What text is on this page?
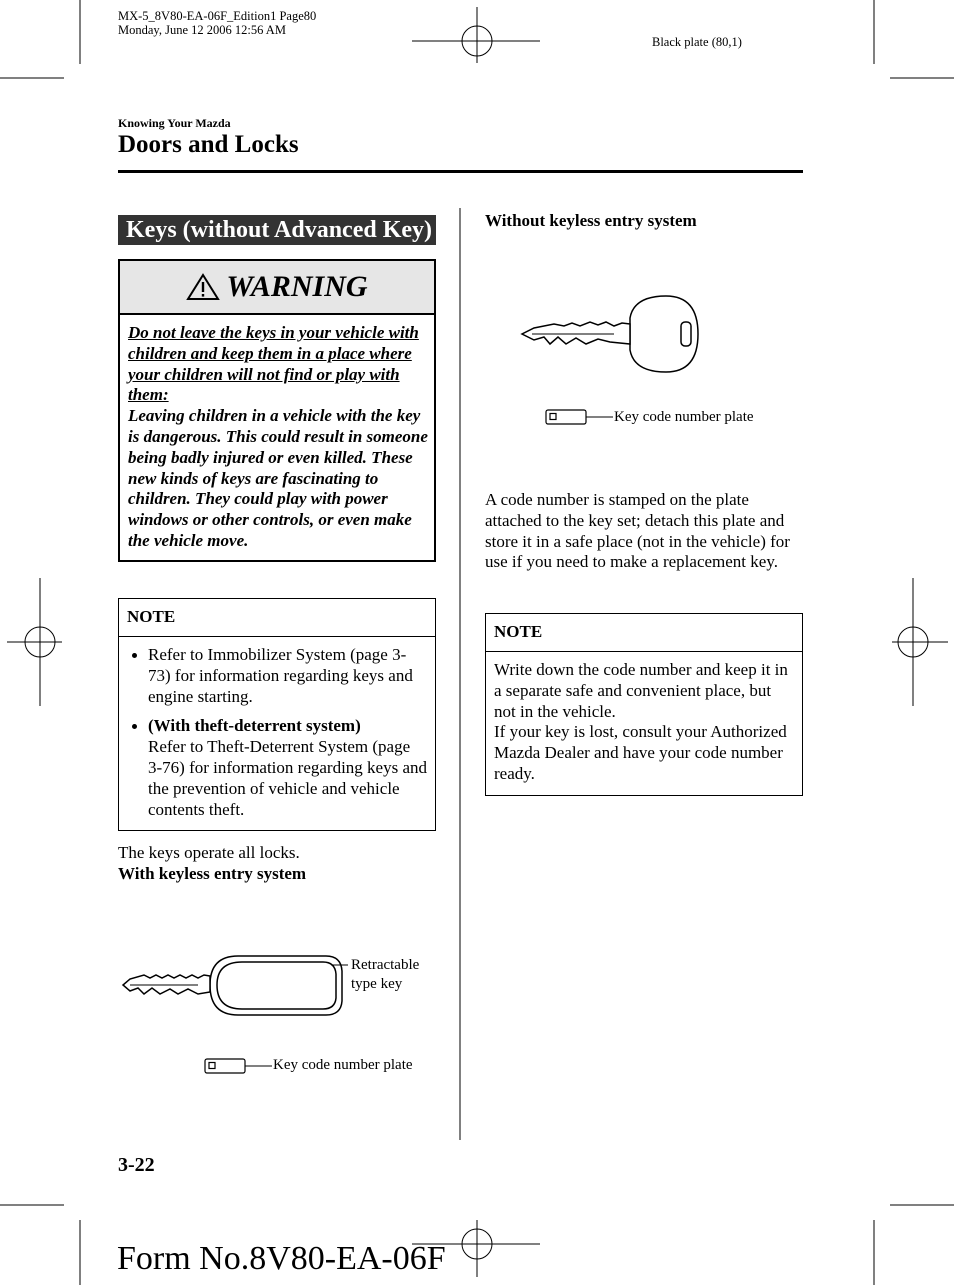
MX-5_8V80-EA-06F_Edition1 Page80
Monday, June 12 2006 12:56 AM
Black plate (80,1)
Knowing Your Mazda
Doors and Locks
Keys (without Advanced Key)
WARNING
Do not leave the keys in your vehicle with children and keep them in a place where your children will not find or play with them:
Leaving children in a vehicle with the key is dangerous. This could result in someone being badly injured or even killed. These new kinds of keys are fascinating to children. They could play with power windows or other controls, or even make the vehicle move.
NOTE
Refer to Immobilizer System (page 3-73) for information regarding keys and engine starting.
(With theft-deterrent system)
Refer to Theft-Deterrent System (page 3-76) for information regarding keys and the prevention of vehicle and vehicle contents theft.
The keys operate all locks.
With keyless entry system
Retractable
type key
Key code number plate
Without keyless entry system
Key code number plate
A code number is stamped on the plate attached to the key set; detach this plate and store it in a safe place (not in the vehicle) for use if you need to make a replacement key.
NOTE
Write down the code number and keep it in a separate safe and convenient place, but not in the vehicle.
If your key is lost, consult your Authorized Mazda Dealer and have your code number ready.
3-22
Form No.8V80-EA-06F
